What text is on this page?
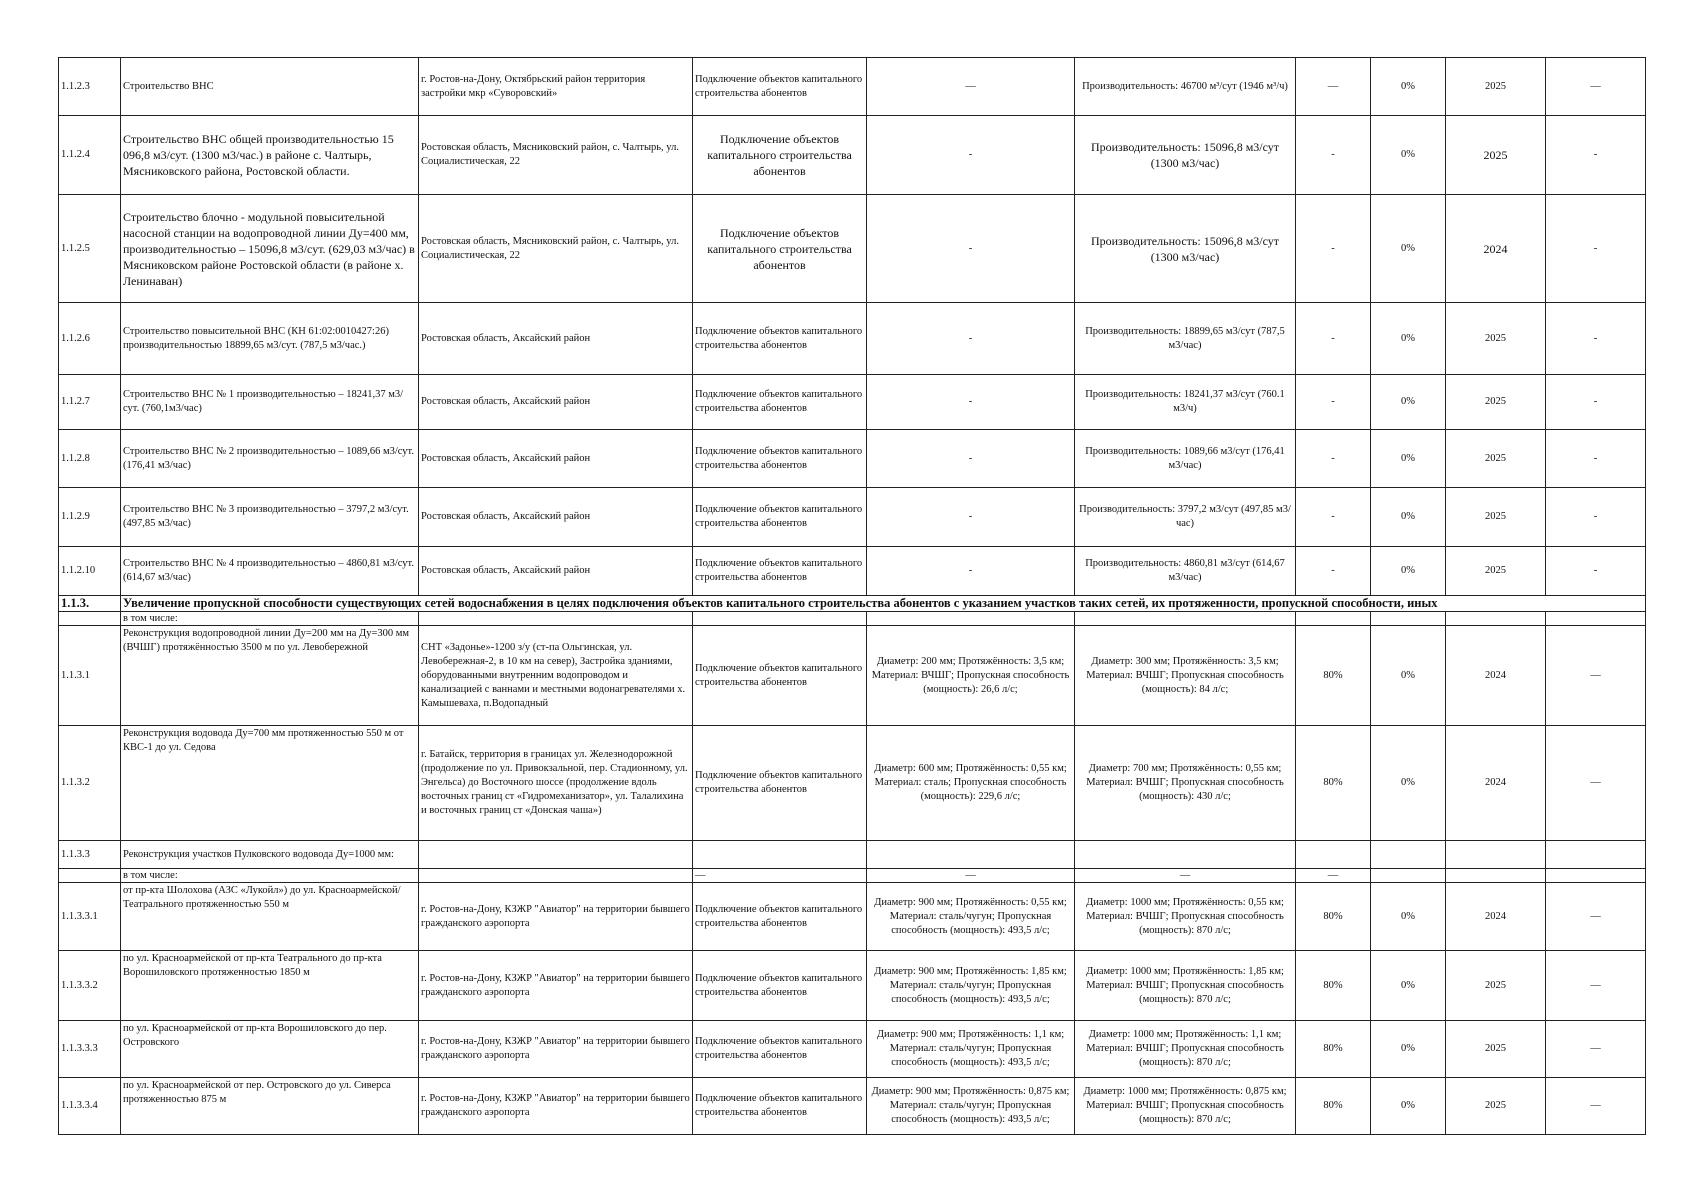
1.1.2.3	Строительство ВНС	г. Ростов-на-Дону, Октябрьский район территория застройки мкр «Суворовский»	Подключение объектов капитального строительства абонентов	—	Производительность: 46700 м³/сут (1946 м³/ч)	—	0%	2025	—
1.1.2.4	Строительство ВНС общей производительностью 15 096,8 м3/сут. (1300 м3/час.) в районе с. Чалтырь, Мясниковского района, Ростовской области.	Ростовская область, Мясниковский район, с. Чалтырь, ул. Социалистическая, 22	Подключение объектов капитального строительства абонентов	-	Производительность: 15096,8 м3/сут (1300 м3/час)	-	0%	2025	-
1.1.2.5	Строительство блочно - модульной повысительной насосной станции на водопроводной линии Ду=400 мм, производительностью – 15096,8 м3/сут. (629,03 м3/час) в Мясниковском районе Ростовской области (в районе х. Ленинаван)	Ростовская область, Мясниковский район, с. Чалтырь, ул. Социалистическая, 22	Подключение объектов капитального строительства абонентов	-	Производительность: 15096,8 м3/сут (1300 м3/час)	-	0%	2024	-
1.1.2.6	Строительство повысительной ВНС (КН 61:02:0010427:26) производительностью 18899,65 м3/сут. (787,5 м3/час.)	Ростовская область, Аксайский район	Подключение объектов капитального строительства абонентов	-	Производительность: 18899,65 м3/сут (787,5 м3/час)	-	0%	2025	-
1.1.2.7	Строительство ВНС № 1 производительностью – 18241,37 м3/сут. (760,1м3/час)	Ростовская область, Аксайский район	Подключение объектов капитального строительства абонентов	-	Производительность: 18241,37 м3/сут (760.1 м3/ч)	-	0%	2025	-
1.1.2.8	Строительство ВНС № 2 производительностью – 1089,66 м3/сут. (176,41 м3/час)	Ростовская область, Аксайский район	Подключение объектов капитального строительства абонентов	-	Производительность: 1089,66 м3/сут (176,41 м3/час)	-	0%	2025	-
1.1.2.9	Строительство ВНС № 3 производительностью – 3797,2 м3/сут. (497,85 м3/час)	Ростовская область, Аксайский район	Подключение объектов капитального строительства абонентов	-	Производительность: 3797,2 м3/сут (497,85 м3/час)	-	0%	2025	-
1.1.2.10	Строительство ВНС № 4 производительностью – 4860,81 м3/сут. (614,67 м3/час)	Ростовская область, Аксайский район	Подключение объектов капитального строительства абонентов	-	Производительность: 4860,81 м3/сут (614,67 м3/час)	-	0%	2025	-
1.1.3.	Увеличение пропускной способности существующих сетей водоснабжения в целях подключения объектов капитального строительства абонентов с указанием участков таких сетей, их протяженности, пропускной способности, иных								
	в том числе:								
1.1.3.1	Реконструкция водопроводной линии Ду=200 мм на Ду=300 мм (ВЧШГ) протяжённостью 3500 м по ул. Левобережной	СНТ «Задонье»-1200 з/у (ст-па Ольгинская, ул. Левобережная-2, в 10 км на север), Застройка зданиями, оборудованными внутренним водопроводом и канализацией с ваннами и местными водонагревателями х. Камышеваха, п.Водопадный	Подключение объектов капитального строительства абонентов	Диаметр: 200 мм; Протяжённость: 3,5 км; Материал: ВЧШГ; Пропускная способность (мощность): 26,6 л/с;	Диаметр: 300 мм; Протяжённость: 3,5 км; Материал: ВЧШГ; Пропускная способность (мощность): 84 л/с;	80%	0%	2024	—
1.1.3.2	Реконструкция водовода Ду=700 мм протяженностью 550 м от КВС-1 до ул. Седова	г. Батайск, территория в границах ул. Железнодорожной (продолжение по ул. Привокзальной, пер. Стадионному, ул. Энгельса) до Восточного шоссе (продолжение вдоль восточных границ ст «Гидромеханизатор», ул. Талалихина и восточных границ ст «Донская чаша»)	Подключение объектов капитального строительства абонентов	Диаметр: 600 мм; Протяжённость: 0,55 км; Материал: сталь; Пропускная способность (мощность): 229,6 л/с;	Диаметр: 700 мм; Протяжённость: 0,55 км; Материал: ВЧШГ; Пропускная способность (мощность): 430 л/с;	80%	0%	2024	—
1.1.3.3	Реконструкция участков Пулковского водовода Ду=1000 мм:								
	в том числе:		—	—	—	—			
1.1.3.3.1	от пр-кта Шолохова (АЗС «Лукойл») до ул. Красноармейской/Театрального протяженностью 550 м	г. Ростов-на-Дону, КЗЖР "Авиатор" на территории бывшего гражданского аэропорта	Подключение объектов капитального строительства абонентов	Диаметр: 900 мм; Протяжённость: 0,55 км; Материал: сталь/чугун; Пропускная способность (мощность): 493,5 л/с;	Диаметр: 1000 мм; Протяжённость: 0,55 км; Материал: ВЧШГ; Пропускная способность (мощность): 870 л/с;	80%	0%	2024	—
1.1.3.3.2	по ул. Красноармейской от пр-кта Театрального до пр-кта Ворошиловского протяженностью 1850 м	г. Ростов-на-Дону, КЗЖР "Авиатор" на территории бывшего гражданского аэропорта	Подключение объектов капитального строительства абонентов	Диаметр: 900 мм; Протяжённость: 1,85 км; Материал: сталь/чугун; Пропускная способность (мощность): 493,5 л/с;	Диаметр: 1000 мм; Протяжённость: 1,85 км; Материал: ВЧШГ; Пропускная способность (мощность): 870 л/с;	80%	0%	2025	—
1.1.3.3.3	по ул. Красноармейской от пр-кта Ворошиловского до пер. Островского	г. Ростов-на-Дону, КЗЖР "Авиатор" на территории бывшего гражданского аэропорта	Подключение объектов капитального строительства абонентов	Диаметр: 900 мм; Протяжённость: 1,1 км; Материал: сталь/чугун; Пропускная способность (мощность): 493,5 л/с;	Диаметр: 1000 мм; Протяжённость: 1,1 км; Материал: ВЧШГ; Пропускная способность (мощность): 870 л/с;	80%	0%	2025	—
1.1.3.3.4	по ул. Красноармейской от пер. Островского до ул. Сиверса протяженностью 875 м	г. Ростов-на-Дону, КЗЖР "Авиатор" на территории бывшего гражданского аэропорта	Подключение объектов капитального строительства абонентов	Диаметр: 900 мм; Протяжённость: 0,875 км; Материал: сталь/чугун; Пропускная способность (мощность): 493,5 л/с;	Диаметр: 1000 мм; Протяжённость: 0,875 км; Материал: ВЧШГ; Пропускная способность (мощность): 870 л/с;	80%	0%	2025	—
